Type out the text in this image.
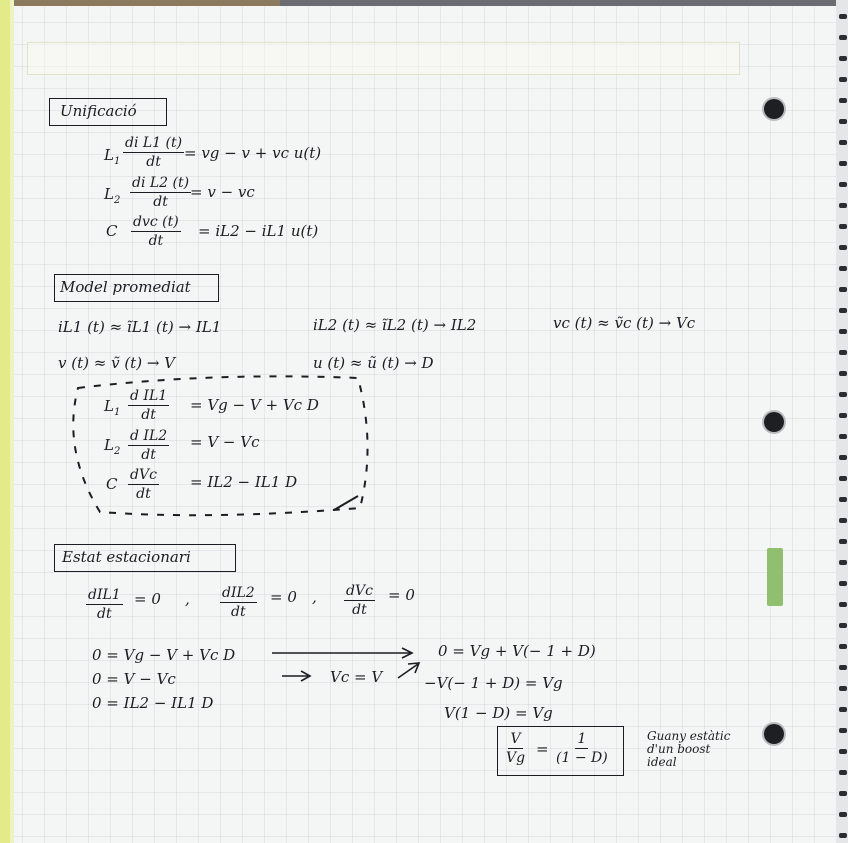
Unificació
$L_1 \frac{\text{di L1 (t)}}{dt}$ = vg − v + vc u(t)
$L_2 \frac{\text{di L2 (t)}}{dt}$
= v − vc
C dvc (t)
dt
= iL2 − iL1 u(t)
Model promediat
iL1 (t) ≈ ĩL1 (t) → IL1	iL2 (t) ≈ ĩL2 (t) → IL2	vc (t) ≈ ṽc (t) → Vc
v (t) ≈ ṽ (t) → V	u (t) ≈ ũ (t) → D
$L_1 \frac{\text{d IL1}}{dt} = Vg - V + Vc$ D
$L_2 \frac{\text{d IL2}}{dt} = V - Vc$
C dVc
dt
= IL2 − IL1 D
Estat estacionari
dIL1
dt
= 0 , dIL2
dt
= 0 , dVc
dt
= 0
0 = Vg − V + Vc D
0 = V − Vc
0 = IL2 − IL1 D
Vc = V
0 = Vg + V(− 1 + D)
−V(− 1 + D) = Vg
V(1 − D) = Vg
$\frac{V}{Vg} = \frac{1}{(1 - D)}$	Guany estàtic
d'un boost
ideal
